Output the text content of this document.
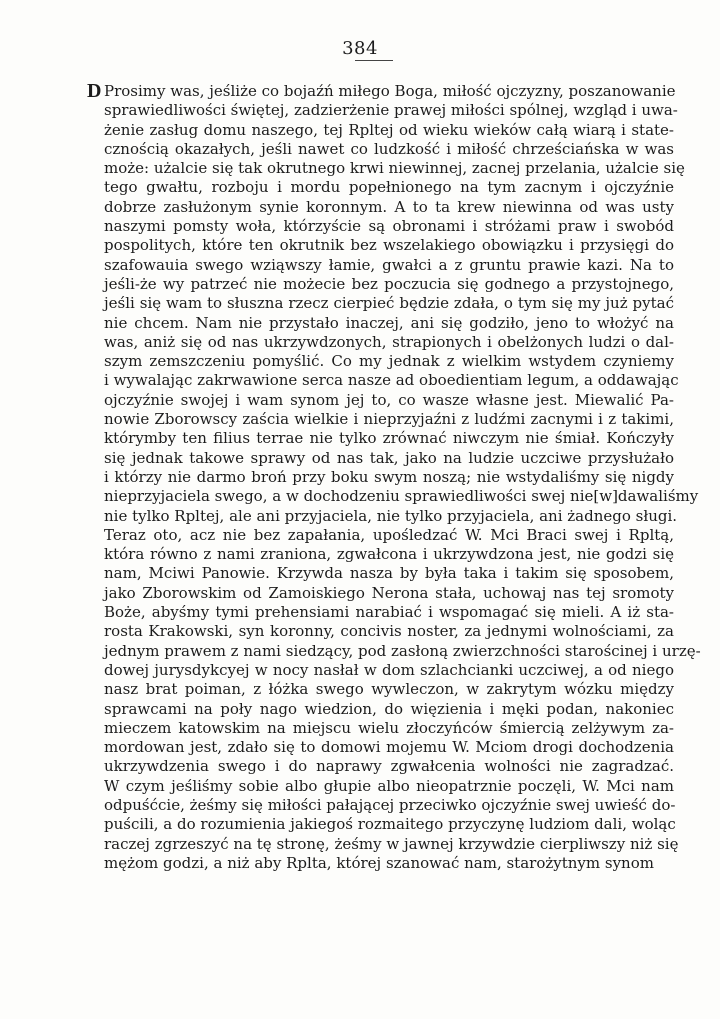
384
D Prosimy was, jeśliże co bojaźń miłego Boga, miłość ojczyzny, poszanowanie
sprawiedliwości świętej, zadzierżenie prawej miłości spólnej, wzgląd i uwa-
żenie zasług domu naszego, tej Rpltej od wieku wieków całą wiarą i state-
cznością okazałych, jeśli nawet co ludzkość i miłość chrześciańska w was
może: użalcie się tak okrutnego krwi niewinnej, zacnej przelania, użalcie się
tego gwałtu, rozboju i mordu popełnionego na tym zacnym i ojczyźnie
dobrze zasłużonym synie koronnym. A to ta krew niewinna od was usty
naszymi pomsty woła, którzyście są obronami i stróżami praw i swobód
pospolitych, które ten okrutnik bez wszelakiego obowiązku i przysięgi do
szafowauia swego wziąwszy łamie, gwałci a z gruntu prawie kazi. Na to
jeśli-że wy patrzeć nie możecie bez poczucia się godnego a przystojnego,
jeśli się wam to słuszna rzecz cierpieć będzie zdała, o tym się my już pytać
nie chcem. Nam nie przystało inaczej, ani się godziło, jeno to włożyć na
was, aniż się od nas ukrzywdzonych, strapionych i obelżonych ludzi o dal-
szym zemszczeniu pomyślić. Co my jednak z wielkim wstydem czyniemy
i wywalając zakrwawione serca nasze ad oboedientiam legum, a oddawając
ojczyźnie swojej i wam synom jej to, co wasze własne jest. Miewalić Pa-
nowie Zborowscy zaścia wielkie i nieprzyjaźni z ludźmi zacnymi i z takimi,
którymby ten filius terrae nie tylko zrównać niwczym nie śmiał. Kończyły
się jednak takowe sprawy od nas tak, jako na ludzie uczciwe przysłużało
i którzy nie darmo broń przy boku swym noszą; nie wstydaliśmy się nigdy
nieprzyjaciela swego, a w dochodzeniu sprawiedliwości swej nie[w]dawaliśmy
nie tylko Rpltej, ale ani przyjaciela, nie tylko przyjaciela, ani żadnego sługi.
Teraz oto, acz nie bez zapałania, upośledzać W. Mci Braci swej i Rpltą,
która równo z nami zraniona, zgwałcona i ukrzywdzona jest, nie godzi się
nam, Mciwi Panowie. Krzywda nasza by była taka i takim się sposobem,
jako Zborowskim od Zamoiskiego Nerona stała, uchowaj nas tej sromoty
Boże, abyśmy tymi prehensiami narabiać i wspomagać się mieli. A iż sta-
rosta Krakowski, syn koronny, concivis noster, za jednymi wolnościami, za
jednym prawem z nami siedzący, pod zasłoną zwierzchności starościnej i urzę-
dowej jurysdykcyej w nocy nasłał w dom szlachcianki uczciwej, a od niego
nasz brat poiman, z łóżka swego wywleczon, w zakrytym wózku między
sprawcami na poły nago wiedzion, do więzienia i męki podan, nakoniec
mieczem katowskim na miejscu wielu złoczyńców śmiercią zelżywym za-
mordowan jest, zdało się to domowi mojemu W. Mciom drogi dochodzenia
ukrzywdzenia swego i do naprawy zgwałcenia wolności nie zagradzać.
W czym jeśliśmy sobie albo głupie albo nieopatrznie poczęli, W. Mci nam
odpuśćcie, żeśmy się miłości pałającej przeciwko ojczyźnie swej uwieść do-
puścili, a do rozumienia jakiegoś rozmaitego przyczynę ludziom dali, woląc
raczej zgrzeszyć na tę stronę, żeśmy w jawnej krzywdzie cierpliwszy niż się
mężom godzi, a niż aby Rplta, której szanować nam, starożytnym synom
